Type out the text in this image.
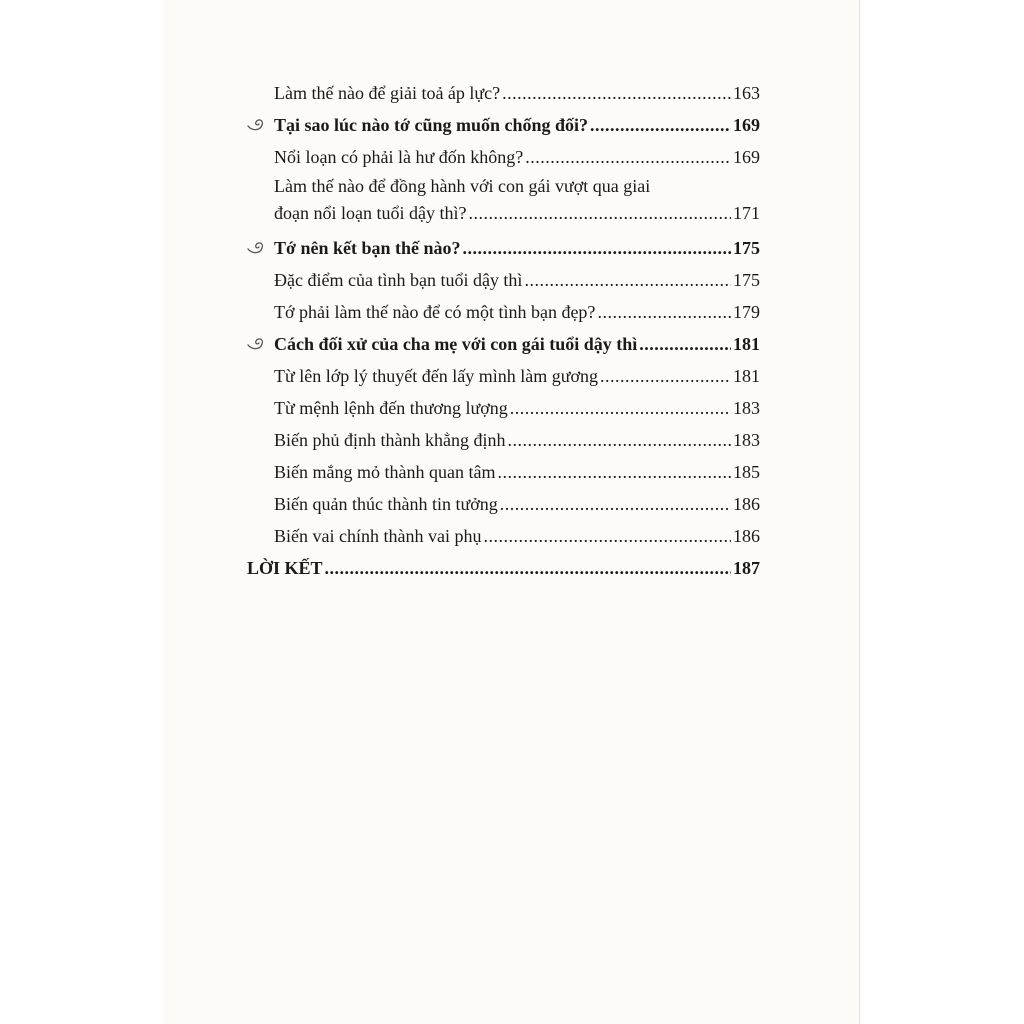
Làm thế nào để giải toả áp lực? .....	163
Tại sao lúc nào tớ cũng muốn chống đối? .....	169
Nổi loạn có phải là hư đốn không? .....	169
Làm thế nào để đồng hành với con gái vượt qua giai
đoạn nổi loạn tuổi dậy thì? .....	171
Tớ nên kết bạn thế nào? .....	175
Đặc điểm của tình bạn tuổi dậy thì .....	175
Tớ phải làm thế nào để có một tình bạn đẹp? .....	179
Cách đối xử của cha mẹ với con gái tuổi dậy thì .....	181
Từ lên lớp lý thuyết đến lấy mình làm gương .....	181
Từ mệnh lệnh đến thương lượng .....	183
Biến phủ định thành khẳng định .....	183
Biến mắng mỏ thành quan tâm .....	185
Biến quản thúc thành tin tưởng .....	186
Biến vai chính thành vai phụ .....	186
LỜI KẾT .....	187
